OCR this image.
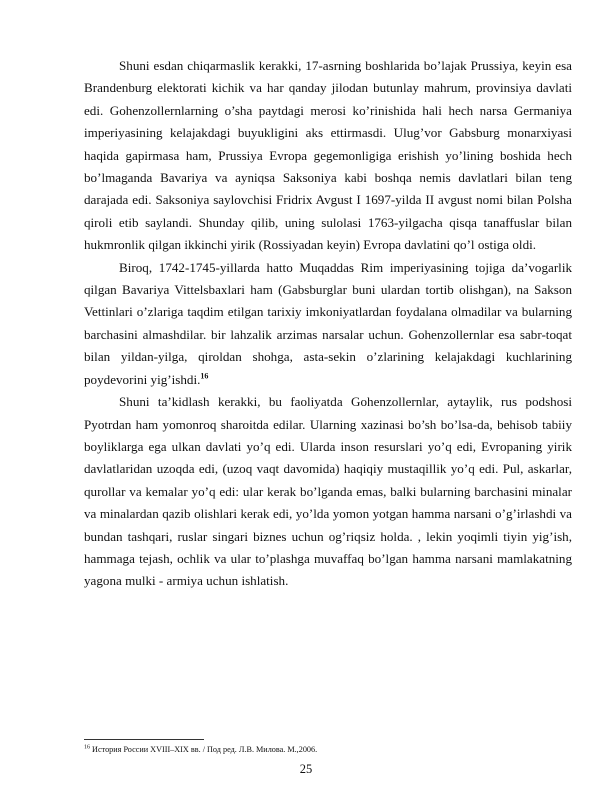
Shuni esdan chiqarmaslik kerakki, 17-asrning boshlarida bo’lajak Prussiya, keyin esa Brandenburg elektorati kichik va har qanday jilodan butunlay mahrum, provinsiya davlati edi. Gohenzollernlarning o’sha paytdagi merosi ko’rinishida hali hech narsa Germaniya imperiyasining kelajakdagi buyukligini aks ettirmasdi. Ulug’vor Gabsburg monarxiyasi haqida gapirmasa ham, Prussiya Evropa gegemonligiga erishish yo’lining boshida hech bo’lmaganda Bavariya va ayniqsa Saksoniya kabi boshqa nemis davlatlari bilan teng darajada edi. Saksoniya saylovchisi Fridrix Avgust I 1697-yilda II avgust nomi bilan Polsha qiroli etib saylandi. Shunday qilib, uning sulolasi 1763-yilgacha qisqa tanaffuslar bilan hukmronlik qilgan ikkinchi yirik (Rossiyadan keyin) Evropa davlatini qo’l ostiga oldi.

Biroq, 1742-1745-yillarda hatto Muqaddas Rim imperiyasining tojiga da’vogarlik qilgan Bavariya Vittelsbaxlari ham (Gabsburglar buni ulardan tortib olishgan), na Sakson Vettinlari o’zlariga taqdim etilgan tarixiy imkoniyatlardan foydalana olmadilar va bularning barchasini almashdilar. bir lahzalik arzimas narsalar uchun. Gohenzollernlar esa sabr-toqat bilan yildan-yilga, qiroldan shohga, asta-sekin o’zlarining kelajakdagi kuchlarining poydevorini yig’ishdi.$^{16}$

Shuni ta’kidlash kerakki, bu faoliyatda Gohenzollernlar, aytaylik, rus podshosi Pyotrdan ham yomonroq sharoitda edilar. Ularning xazinasi bo’sh bo’lsa-da, behisob tabiiy boyliklarga ega ulkan davlati yo’q edi. Ularda inson resurslari yo’q edi, Evropaning yirik davlatlaridan uzoqda edi, (uzoq vaqt davomida) haqiqiy mustaqillik yo’q edi. Pul, askarlar, qurollar va kemalar yo’q edi: ular kerak bo’lganda emas, balki bularning barchasini minalar va minalardan qazib olishlari kerak edi, yo’lda yomon yotgan hamma narsani o’g’irlashdi va bundan tashqari, ruslar singari biznes uchun og’riqsiz holda. , lekin yoqimli tiyin yig’ish, hammaga tejash, ochlik va ular to’plashga muvaffaq bo’lgan hamma narsani mamlakatning yagona mulki - armiya uchun ishlatish.

$^{16}$ История России XVIII–XIX вв. / Под ред. Л.В. Милова. М.,2006.
25
